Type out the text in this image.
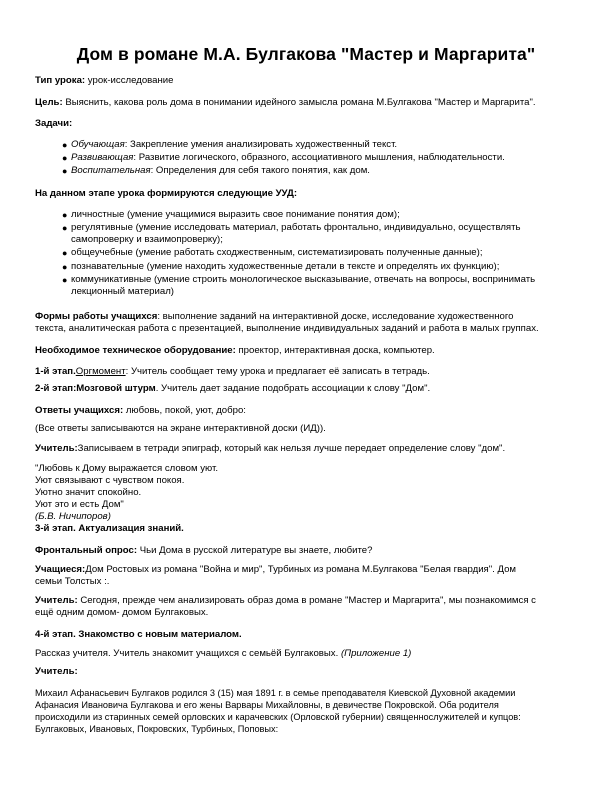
Дом в романе М.А. Булгакова "Мастер и Маргарита"
Тип урока: урок-исследование
Цель: Выяснить, какова роль дома в понимании идейного замысла романа М.Булгакова "Мастер и Маргарита".
Задачи:
● Обучающая: Закрепление умения анализировать художественный текст.
● Развивающая: Развитие логического, образного, ассоциативного мышления, наблюдательности.
● Воспитательная: Определения для себя такого понятия, как дом.
На данном этапе урока формируются следующие УУД:
● личностные (умение учащимися выразить свое понимание понятия дом);
● регулятивные (умение исследовать материал, работать фронтально, индивидуально, осуществлять
самопроверку и взаимопроверку);
● общеучебные (умение работать сходжественным, систематизировать полученные данные);
● познавательные (умение находить художественные детали в тексте и определять их функцию);
● коммуникативные (умение строить монологическое высказывание, отвечать на вопросы, воспринимать
лекционный материал)
Формы работы учащихся: выполнение заданий на интерактивной доске, исследование художественного
текста, аналитическая работа с презентацией, выполнение индивидуальных заданий и работа в малых группах.
Необходимое техническое оборудование: проектор, интерактивная доска, компьютер.
1-й этап.Оргмомент: Учитель сообщает тему урока и предлагает её записать в тетрадь.
2-й этап:Мозговой штурм. Учитель дает задание подобрать ассоциации к слову "Дом".
Ответы учащихся: любовь, покой, уют, добро:
(Все ответы записываются на экране интерактивной доски (ИД)).
Учитель:Записываем в тетради эпиграф, который как нельзя лучше передает определение слову "дом".
"Любовь к Дому выражается словом уют.
Уют связывают с чувством покоя.
Уютно значит спокойно.
Уют это и есть Дом"
(Б.В. Ничипоров)
3-й этап. Актуализация знаний.
Фронтальный опрос: Чьи Дома в русской литературе вы знаете, любите?
Учащиеся:Дом Ростовых из романа "Война и мир", Турбиных из романа М.Булгакова "Белая гвардия". Дом
семьи Толстых :.
Учитель: Сегодня, прежде чем анализировать образ дома в романе "Мастер и Маргарита", мы познакомимся с
ещё одним домом- домом Булгаковых.
4-й этап. Знакомство с новым материалом.
Рассказ учителя. Учитель знакомит учащихся с семьёй Булгаковых. (Приложение 1)
Учитель:
Михаил Афанасьевич Булгаков родился 3 (15) мая 1891 г. в семье преподавателя Киевской Духовной академии
Афанасия Ивановича Булгакова и его жены Варвары Михайловны, в девичестве Покровской. Оба родителя
происходили из старинных семей орловских и карачевских (Орловской губернии) священнослужителей и купцов:
Булгаковых, Ивановых, Покровских, Турбиных, Поповых:
